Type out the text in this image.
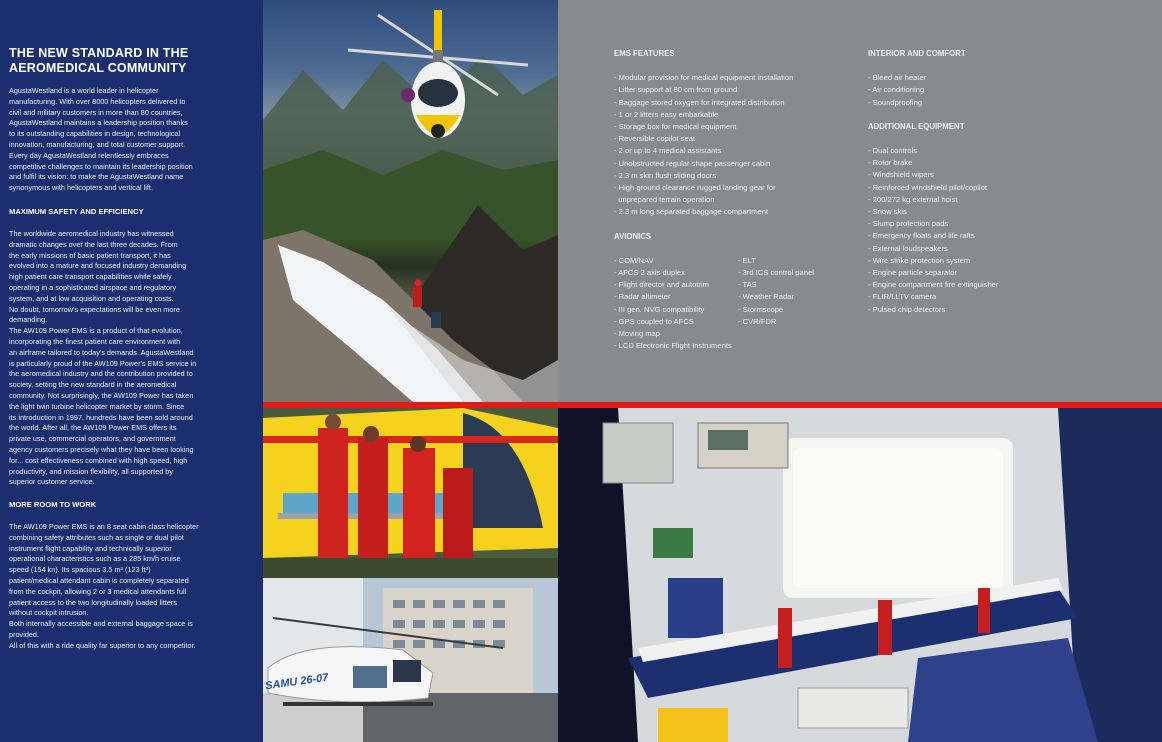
THE NEW STANDARD IN THE AEROMEDICAL COMMUNITY

AgustaWestland is a world leader in helicopter
manufacturing. With over 8000 helicopters delivered to
civil and military customers in more than 80 countries,
AgustaWestland maintains a leadership position thanks
to its outstanding capabilities in design, technological
innovation, manufacturing, and total customer support.
Every day AgustaWestland relentlessly embraces
competitive challenges to maintain its leadership position
and fulfil its vision: to make the AgustaWestland name
synonymous with helicopters and vertical lift.

MAXIMUM SAFETY AND EFFICIENCY

The worldwide aeromedical industry has witnessed
dramatic changes over the last three decades. From
the early missions of basic patient transport, it has
evolved into a mature and focused industry demanding
high patient care transport capabilities while safely
operating in a sophisticated airspace and regulatory
system, and at low acquisition and operating costs.
No doubt, tomorrow's expectations will be even more
demanding.
The AW109 Power EMS is a product of that evolution,
incorporating the finest patient care environment with
an airframe tailored to today's demands. AgustaWestland
is particularly proud of the AW109 Power's EMS service in
the aeromedical industry and the contribution provided to
society, setting the new standard in the aeromedical
community. Not surprisingly, the AW109 Power has taken
the light twin turbine helicopter market by storm. Since
its introduction in 1997, hundreds have been sold around
the world. After all, the AW109 Power EMS offers its
private use, commercial operators, and government
agency customers precisely what they have been looking
for... cost effectiveness combined with high speed, high
productivity, and mission flexibility, all supported by
superior customer service.

MORE ROOM TO WORK

The AW109 Power EMS is an 8 seat cabin class helicopter
combining safety attributes such as single or dual pilot
instrument flight capability and technically superior
operational characteristics such as a 285 km/h cruise
speed (154 kn). Its spacious 3.5 m³ (123 ft³)
patient/medical attendant cabin is completely separated
from the cockpit, allowing 2 or 3 medical attendants full
patient access to the two longitudinally loaded litters
without cockpit intrusion.
Both internally accessible and external baggage space is
provided.
All of this with a ride quality far superior to any competitor.

EMS FEATURES

- Modular provision for medical equipment installation
- Litter support at 80 cm from ground
- Baggage stored oxygen for integrated distribution
- 1 or 2 litters easy embarkable
- Storage box for medical equipment
- Reversible copilot seat
- 2 or up to 4 medical assistants
- Unobstructed regular shape passenger cabin
- 2.3 m skin flush sliding doors
- High ground clearance rugged landing gear for
unprepared terrain operation
- 2.3 m long separated baggage compartment

AVIONICS

- COM/NAV
- AFCS 3 axis duplex
- Flight director and autotrim
- Radar altimeter
- III gen. NVG compatibility
- GPS coupled to AFCS
- Moving map
- LCD Electronic Flight Instruments
- ELT
- 3rd ICS control panel
- TAS
- Weather Radar
- Stormscope
- CVR/FDR

INTERIOR AND COMFORT

- Bleed air heater
- Air conditioning
- Soundproofing

ADDITIONAL EQUIPMENT

- Dual controls
- Rotor brake
- Windshield wipers
- Reinforced windshield pilot/copilot
- 200/272 kg external hoist
- Snow skis
- Slump protection pads
- Emergency floats and life rafts
- External loudspeakers
- Wire strike protection system
- Engine particle separator
- Engine compartment fire extinguisher
- FLIR/LLTV camera
- Pulsed chip detectors
SAMU 26-07
